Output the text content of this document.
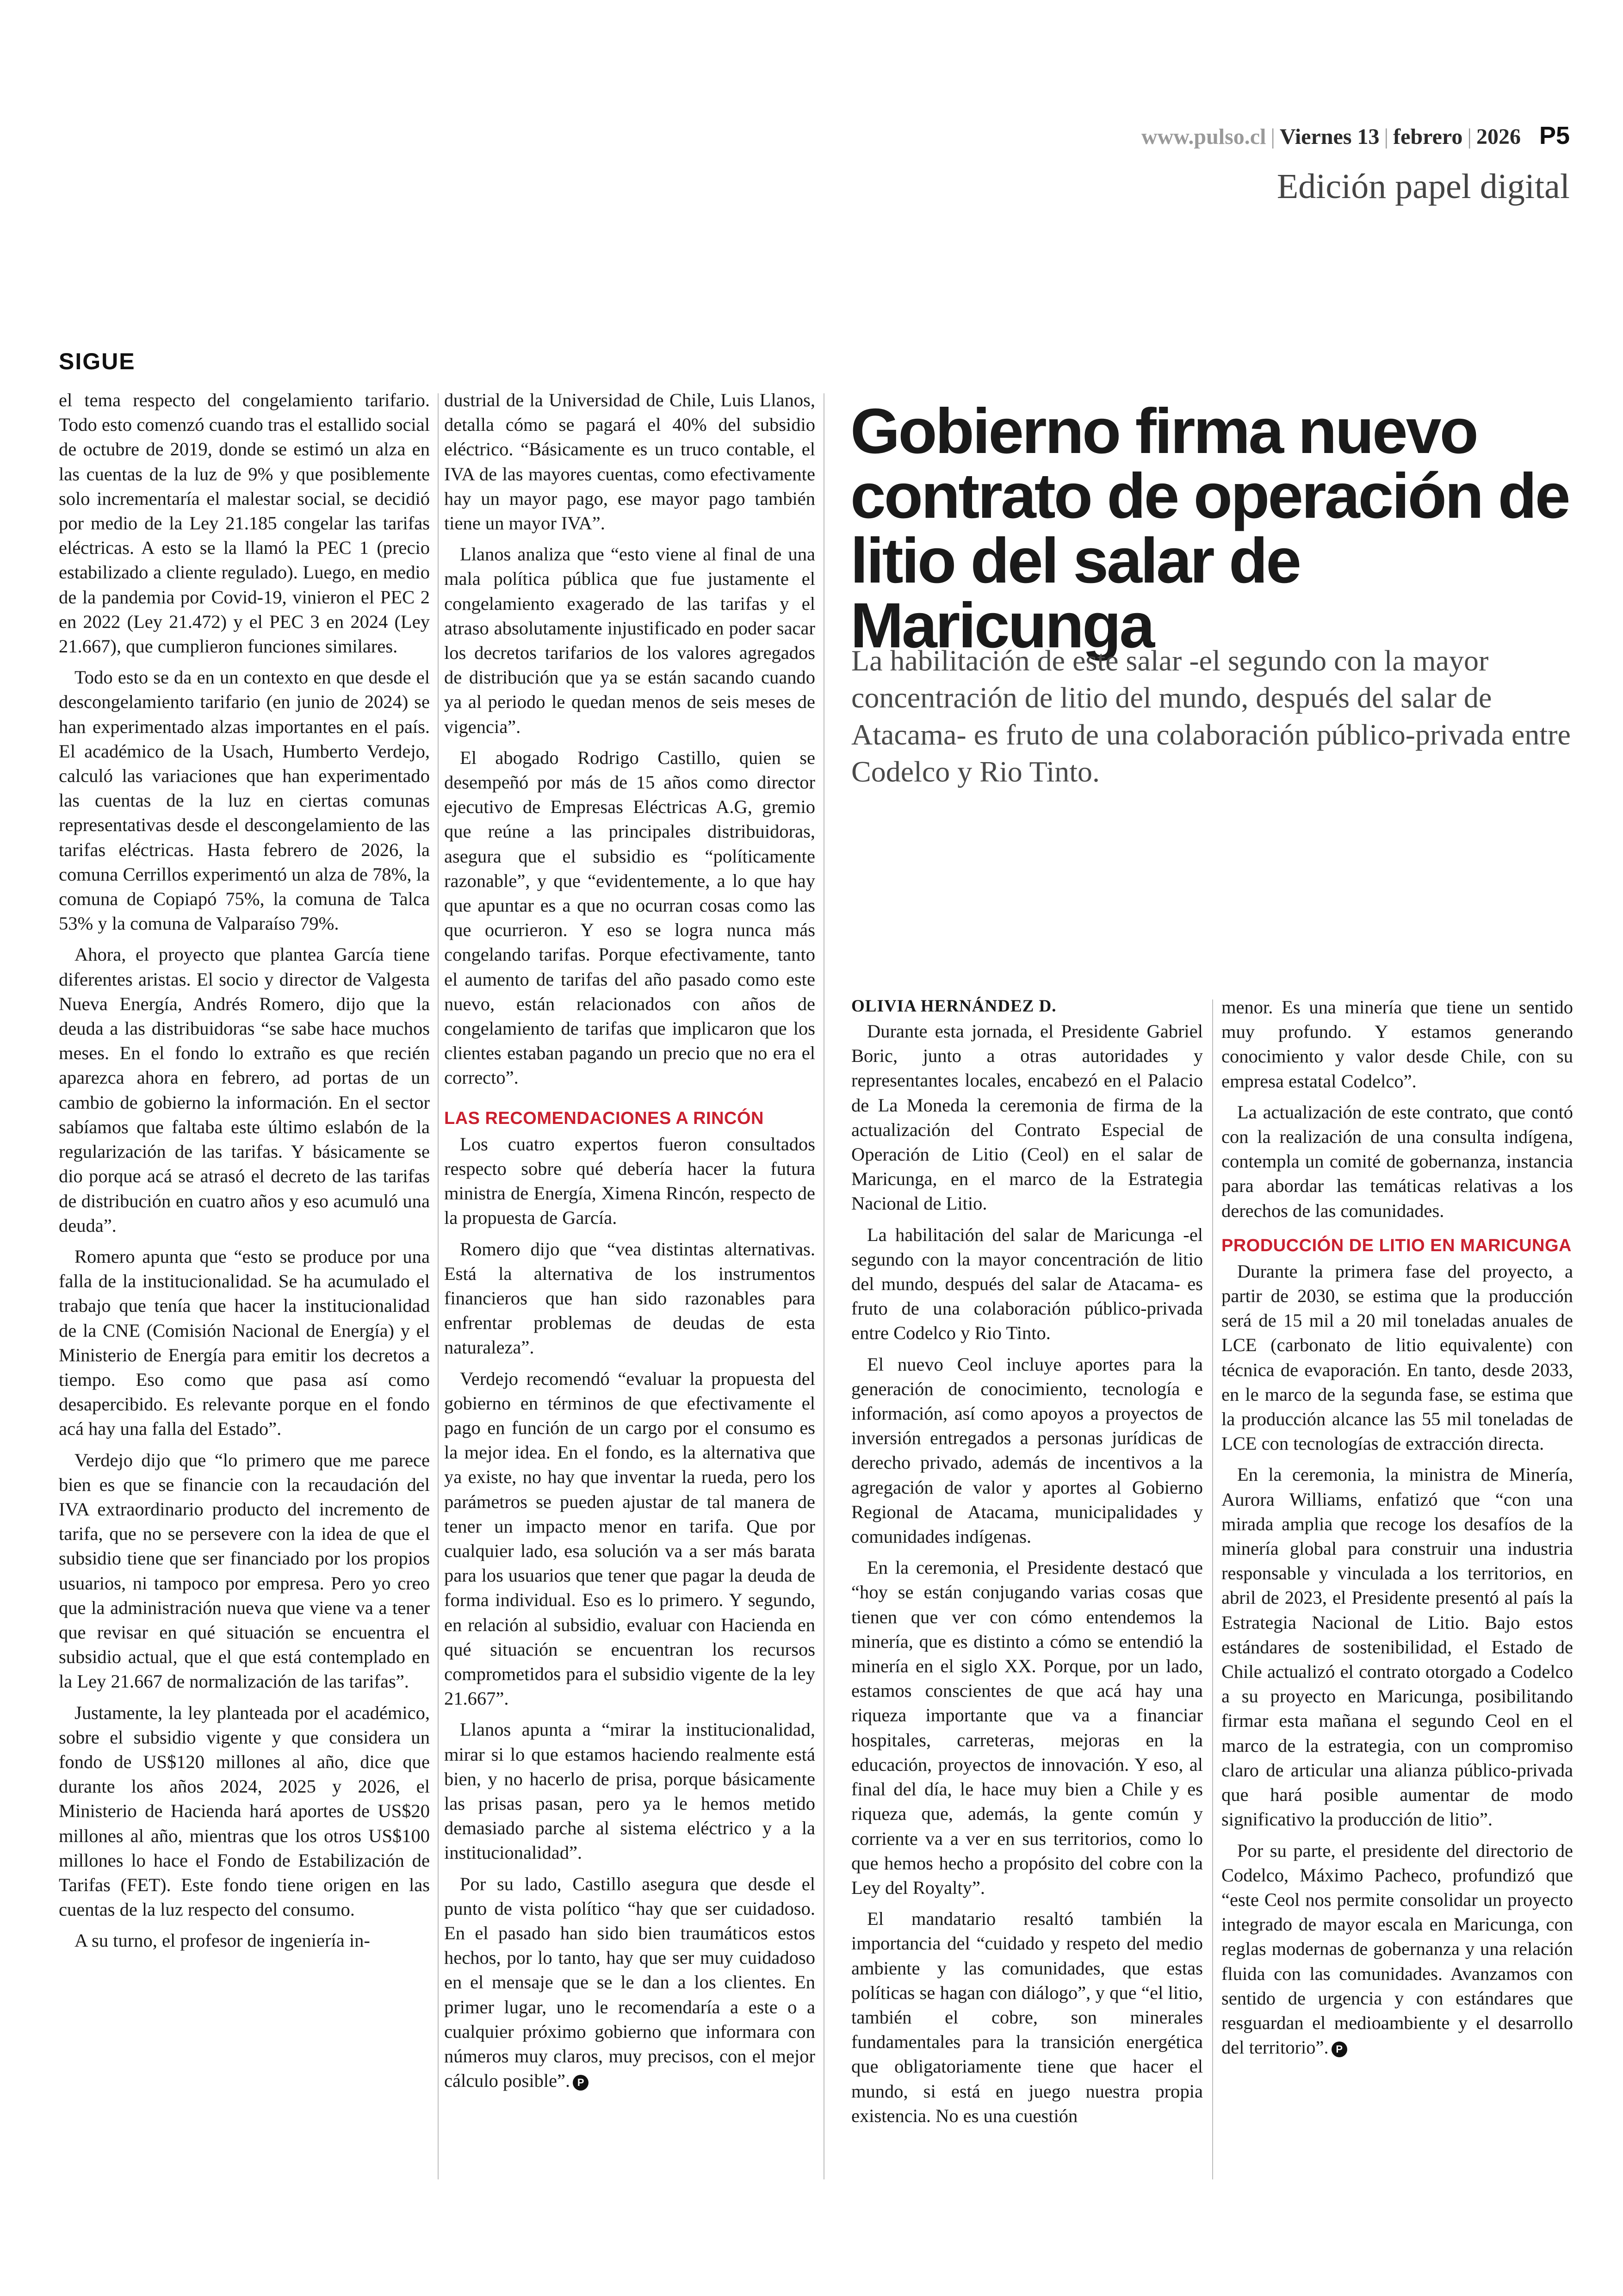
www.pulso.cl | Viernes 13 | febrero | 2026 P5
Edición papel digital
SIGUE

el tema respecto del congelamiento tarifario. Todo esto comenzó cuando tras el estallido social de octubre de 2019, donde se estimó un alza en las cuentas de la luz de 9% y que posiblemente solo incrementaría el malestar social, se decidió por medio de la Ley 21.185 congelar las tarifas eléctricas. A esto se la llamó la PEC 1 (precio estabilizado a cliente regulado). Luego, en medio de la pandemia por Covid-19, vinieron el PEC 2 en 2022 (Ley 21.472) y el PEC 3 en 2024 (Ley 21.667), que cumplieron funciones similares.

Todo esto se da en un contexto en que desde el descongelamiento tarifario (en junio de 2024) se han experimentado alzas importantes en el país. El académico de la Usach, Humberto Verdejo, calculó las variaciones que han experimentado las cuentas de la luz en ciertas comunas representativas desde el descongelamiento de las tarifas eléctricas. Hasta febrero de 2026, la comuna Cerrillos experimentó un alza de 78%, la comuna de Copiapó 75%, la comuna de Talca 53% y la comuna de Valparaíso 79%.

Ahora, el proyecto que plantea García tiene diferentes aristas. El socio y director de Valgesta Nueva Energía, Andrés Romero, dijo que la deuda a las distribuidoras “se sabe hace muchos meses. En el fondo lo extraño es que recién aparezca ahora en febrero, ad portas de un cambio de gobierno la información. En el sector sabíamos que faltaba este último eslabón de la regularización de las tarifas. Y básicamente se dio porque acá se atrasó el decreto de las tarifas de distribución en cuatro años y eso acumuló una deuda”.

Romero apunta que “esto se produce por una falla de la institucionalidad. Se ha acumulado el trabajo que tenía que hacer la institucionalidad de la CNE (Comisión Nacional de Energía) y el Ministerio de Energía para emitir los decretos a tiempo. Eso como que pasa así como desapercibido. Es relevante porque en el fondo acá hay una falla del Estado”.

Verdejo dijo que “lo primero que me parece bien es que se financie con la recaudación del IVA extraordinario producto del incremento de tarifa, que no se persevere con la idea de que el subsidio tiene que ser financiado por los propios usuarios, ni tampoco por empresa. Pero yo creo que la administración nueva que viene va a tener que revisar en qué situación se encuentra el subsidio actual, que el que está contemplado en la Ley 21.667 de normalización de las tarifas”.

Justamente, la ley planteada por el académico, sobre el subsidio vigente y que considera un fondo de US$120 millones al año, dice que durante los años 2024, 2025 y 2026, el Ministerio de Hacienda hará aportes de US$20 millones al año, mientras que los otros US$100 millones lo hace el Fondo de Estabilización de Tarifas (FET). Este fondo tiene origen en las cuentas de la luz respecto del consumo.

A su turno, el profesor de ingeniería in-

dustrial de la Universidad de Chile, Luis Llanos, detalla cómo se pagará el 40% del subsidio eléctrico. “Básicamente es un truco contable, el IVA de las mayores cuentas, como efectivamente hay un mayor pago, ese mayor pago también tiene un mayor IVA”.

Llanos analiza que “esto viene al final de una mala política pública que fue justamente el congelamiento exagerado de las tarifas y el atraso absolutamente injustificado en poder sacar los decretos tarifarios de los valores agregados de distribución que ya se están sacando cuando ya al periodo le quedan menos de seis meses de vigencia”.

El abogado Rodrigo Castillo, quien se desempeñó por más de 15 años como director ejecutivo de Empresas Eléctricas A.G, gremio que reúne a las principales distribuidoras, asegura que el subsidio es “políticamente razonable”, y que “evidentemente, a lo que hay que apuntar es a que no ocurran cosas como las que ocurrieron. Y eso se logra nunca más congelando tarifas. Porque efectivamente, tanto el aumento de tarifas del año pasado como este nuevo, están relacionados con años de congelamiento de tarifas que implicaron que los clientes estaban pagando un precio que no era el correcto”.

LAS RECOMENDACIONES A RINCÓN

Los cuatro expertos fueron consultados respecto sobre qué debería hacer la futura ministra de Energía, Ximena Rincón, respecto de la propuesta de García.

Romero dijo que “vea distintas alternativas. Está la alternativa de los instrumentos financieros que han sido razonables para enfrentar problemas de deudas de esta naturaleza”.

Verdejo recomendó “evaluar la propuesta del gobierno en términos de que efectivamente el pago en función de un cargo por el consumo es la mejor idea. En el fondo, es la alternativa que ya existe, no hay que inventar la rueda, pero los parámetros se pueden ajustar de tal manera de tener un impacto menor en tarifa. Que por cualquier lado, esa solución va a ser más barata para los usuarios que tener que pagar la deuda de forma individual. Eso es lo primero. Y segundo, en relación al subsidio, evaluar con Hacienda en qué situación se encuentran los recursos comprometidos para el subsidio vigente de la ley 21.667”.

Llanos apunta a “mirar la institucionalidad, mirar si lo que estamos haciendo realmente está bien, y no hacerlo de prisa, porque básicamente las prisas pasan, pero ya le hemos metido demasiado parche al sistema eléctrico y a la institucionalidad”.

Por su lado, Castillo asegura que desde el punto de vista político “hay que ser cuidadoso. En el pasado han sido bien traumáticos estos hechos, por lo tanto, hay que ser muy cuidadoso en el mensaje que se le dan a los clientes. En primer lugar, uno le recomendaría a este o a cualquier próximo gobierno que informara con números muy claros, muy precisos, con el mejor cálculo posible”. P

Gobierno firma nuevo contrato de operación de litio del salar de Maricunga

La habilitación de este salar -el segundo con la mayor concentración de litio del mundo, después del salar de Atacama- es fruto de una colaboración público-privada entre Codelco y Rio Tinto.

OLIVIA HERNÁNDEZ D.

Durante esta jornada, el Presidente Gabriel Boric, junto a otras autoridades y representantes locales, encabezó en el Palacio de La Moneda la ceremonia de firma de la actualización del Contrato Especial de Operación de Litio (Ceol) en el salar de Maricunga, en el marco de la Estrategia Nacional de Litio.

La habilitación del salar de Maricunga -el segundo con la mayor concentración de litio del mundo, después del salar de Atacama- es fruto de una colaboración público-privada entre Codelco y Rio Tinto.

El nuevo Ceol incluye aportes para la generación de conocimiento, tecnología e información, así como apoyos a proyectos de inversión entregados a personas jurídicas de derecho privado, además de incentivos a la agregación de valor y aportes al Gobierno Regional de Atacama, municipalidades y comunidades indígenas.

En la ceremonia, el Presidente destacó que “hoy se están conjugando varias cosas que tienen que ver con cómo entendemos la minería, que es distinto a cómo se entendió la minería en el siglo XX. Porque, por un lado, estamos conscientes de que acá hay una riqueza importante que va a financiar hospitales, carreteras, mejoras en la educación, proyectos de innovación. Y eso, al final del día, le hace muy bien a Chile y es riqueza que, además, la gente común y corriente va a ver en sus territorios, como lo que hemos hecho a propósito del cobre con la Ley del Royalty”.

El mandatario resaltó también la importancia del “cuidado y respeto del medio ambiente y las comunidades, que estas políticas se hagan con diálogo”, y que “el litio, también el cobre, son minerales fundamentales para la transición energética que obligatoriamente tiene que hacer el mundo, si está en juego nuestra propia existencia. No es una cuestión

menor. Es una minería que tiene un sentido muy profundo. Y estamos generando conocimiento y valor desde Chile, con su empresa estatal Codelco”.

La actualización de este contrato, que contó con la realización de una consulta indígena, contempla un comité de gobernanza, instancia para abordar las temáticas relativas a los derechos de las comunidades.

PRODUCCIÓN DE LITIO EN MARICUNGA

Durante la primera fase del proyecto, a partir de 2030, se estima que la producción será de 15 mil a 20 mil toneladas anuales de LCE (carbonato de litio equivalente) con técnica de evaporación. En tanto, desde 2033, en le marco de la segunda fase, se estima que la producción alcance las 55 mil toneladas de LCE con tecnologías de extracción directa.

En la ceremonia, la ministra de Minería, Aurora Williams, enfatizó que “con una mirada amplia que recoge los desafíos de la minería global para construir una industria responsable y vinculada a los territorios, en abril de 2023, el Presidente presentó al país la Estrategia Nacional de Litio. Bajo estos estándares de sostenibilidad, el Estado de Chile actualizó el contrato otorgado a Codelco a su proyecto en Maricunga, posibilitando firmar esta mañana el segundo Ceol en el marco de la estrategia, con un compromiso claro de articular una alianza público-privada que hará posible aumentar de modo significativo la producción de litio”.

Por su parte, el presidente del directorio de Codelco, Máximo Pacheco, profundizó que “este Ceol nos permite consolidar un proyecto integrado de mayor escala en Maricunga, con reglas modernas de gobernanza y una relación fluida con las comunidades. Avanzamos con sentido de urgencia y con estándares que resguardan el medioambiente y el desarrollo del territorio”. P
